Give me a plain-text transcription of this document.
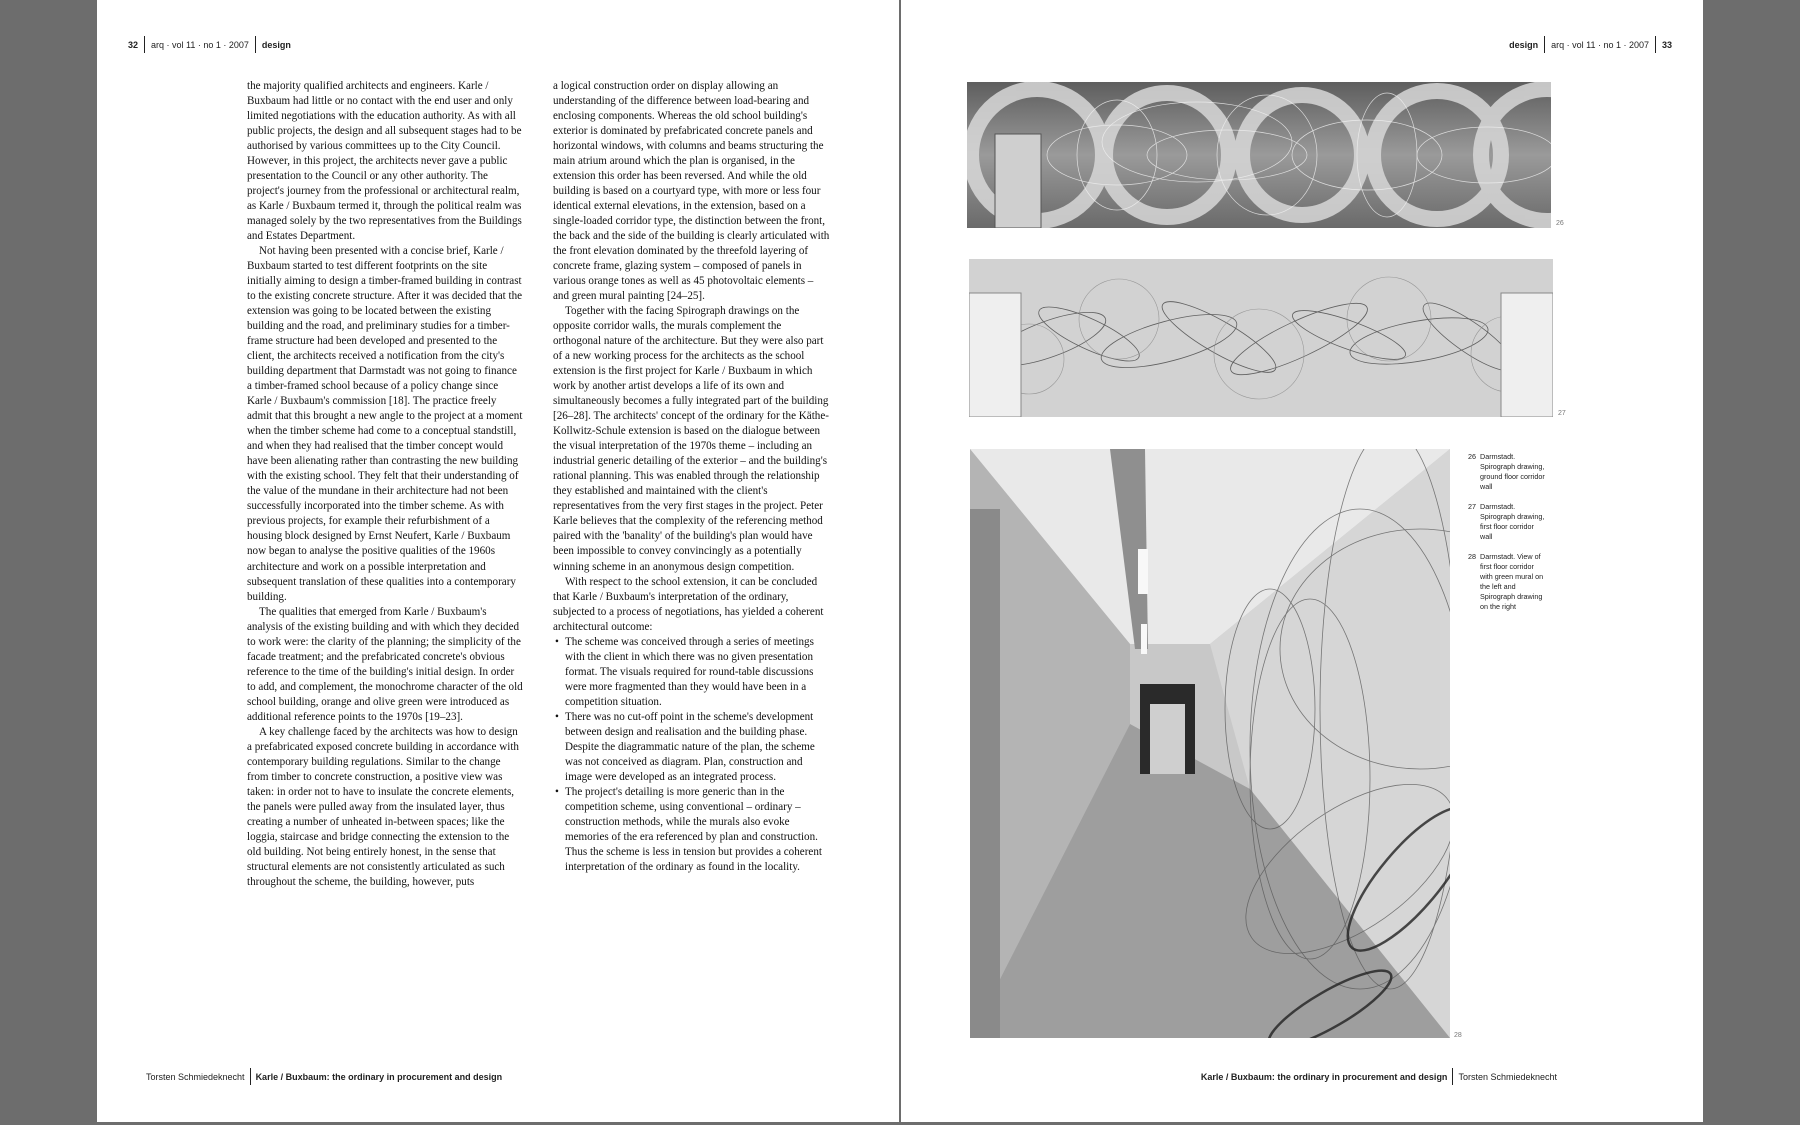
32 arq · vol 11 · no 1 · 2007 design

the majority qualified architects and engineers. Karle / Buxbaum had little or no contact with the end user and only limited negotiations with the education authority. As with all public projects, the design and all subsequent stages had to be authorised by various committees up to the City Council. However, in this project, the architects never gave a public presentation to the Council or any other authority. The project's journey from the professional or architectural realm, as Karle / Buxbaum termed it, through the political realm was managed solely by the two representatives from the Buildings and Estates Department.

Not having been presented with a concise brief, Karle / Buxbaum started to test different footprints on the site initially aiming to design a timber-framed building in contrast to the existing concrete structure. After it was decided that the extension was going to be located between the existing building and the road, and preliminary studies for a timber-frame structure had been developed and presented to the client, the architects received a notification from the city's building department that Darmstadt was not going to finance a timber-framed school because of a policy change since Karle / Buxbaum's commission [18]. The practice freely admit that this brought a new angle to the project at a moment when the timber scheme had come to a conceptual standstill, and when they had realised that the timber concept would have been alienating rather than contrasting the new building with the existing school. They felt that their understanding of the value of the mundane in their architecture had not been successfully incorporated into the timber scheme. As with previous projects, for example their refurbishment of a housing block designed by Ernst Neufert, Karle / Buxbaum now began to analyse the positive qualities of the 1960s architecture and work on a possible interpretation and subsequent translation of these qualities into a contemporary building.

The qualities that emerged from Karle / Buxbaum's analysis of the existing building and with which they decided to work were: the clarity of the planning; the simplicity of the facade treatment; and the prefabricated concrete's obvious reference to the time of the building's initial design. In order to add, and complement, the monochrome character of the old school building, orange and olive green were introduced as additional reference points to the 1970s [19–23].

A key challenge faced by the architects was how to design a prefabricated exposed concrete building in accordance with contemporary building regulations. Similar to the change from timber to concrete construction, a positive view was taken: in order not to have to insulate the concrete elements, the panels were pulled away from the insulated layer, thus creating a number of unheated in-between spaces; like the loggia, staircase and bridge connecting the extension to the old building. Not being entirely honest, in the sense that structural elements are not consistently articulated as such throughout the scheme, the building, however, puts

a logical construction order on display allowing an understanding of the difference between load-bearing and enclosing components. Whereas the old school building's exterior is dominated by prefabricated concrete panels and horizontal windows, with columns and beams structuring the main atrium around which the plan is organised, in the extension this order has been reversed. And while the old building is based on a courtyard type, with more or less four identical external elevations, in the extension, based on a single-loaded corridor type, the distinction between the front, the back and the side of the building is clearly articulated with the front elevation dominated by the threefold layering of concrete frame, glazing system – composed of panels in various orange tones as well as 45 photovoltaic elements – and green mural painting [24–25].

Together with the facing Spirograph drawings on the opposite corridor walls, the murals complement the orthogonal nature of the architecture. But they were also part of a new working process for the architects as the school extension is the first project for Karle / Buxbaum in which work by another artist develops a life of its own and simultaneously becomes a fully integrated part of the building [26–28]. The architects' concept of the ordinary for the Käthe-Kollwitz-Schule extension is based on the dialogue between the visual interpretation of the 1970s theme – including an industrial generic detailing of the exterior – and the building's rational planning. This was enabled through the relationship they established and maintained with the client's representatives from the very first stages in the project. Peter Karle believes that the complexity of the referencing method paired with the 'banality' of the building's plan would have been impossible to convey convincingly as a potentially winning scheme in an anonymous design competition.

With respect to the school extension, it can be concluded that Karle / Buxbaum's interpretation of the ordinary, subjected to a process of negotiations, has yielded a coherent architectural outcome:

• The scheme was conceived through a series of meetings with the client in which there was no given presentation format. The visuals required for round-table discussions were more fragmented than they would have been in a competition situation.
• There was no cut-off point in the scheme's development between design and realisation and the building phase. Despite the diagrammatic nature of the plan, the scheme was not conceived as diagram. Plan, construction and image were developed as an integrated process.
• The project's detailing is more generic than in the competition scheme, using conventional – ordinary – construction methods, while the murals also evoke memories of the era referenced by plan and construction. Thus the scheme is less in tension but provides a coherent interpretation of the ordinary as found in the locality.
Torsten Schmiedeknecht Karle / Buxbaum: the ordinary in procurement and design
design arq · vol 11 · no 1 · 2007 33
26
27
28
26 Darmstadt. Spirograph drawing, ground floor corridor wall
27 Darmstadt. Spirograph drawing, first floor corridor wall
28 Darmstadt. View of first floor corridor with green mural on the left and Spirograph drawing on the right
Karle / Buxbaum: the ordinary in procurement and design Torsten Schmiedeknecht
